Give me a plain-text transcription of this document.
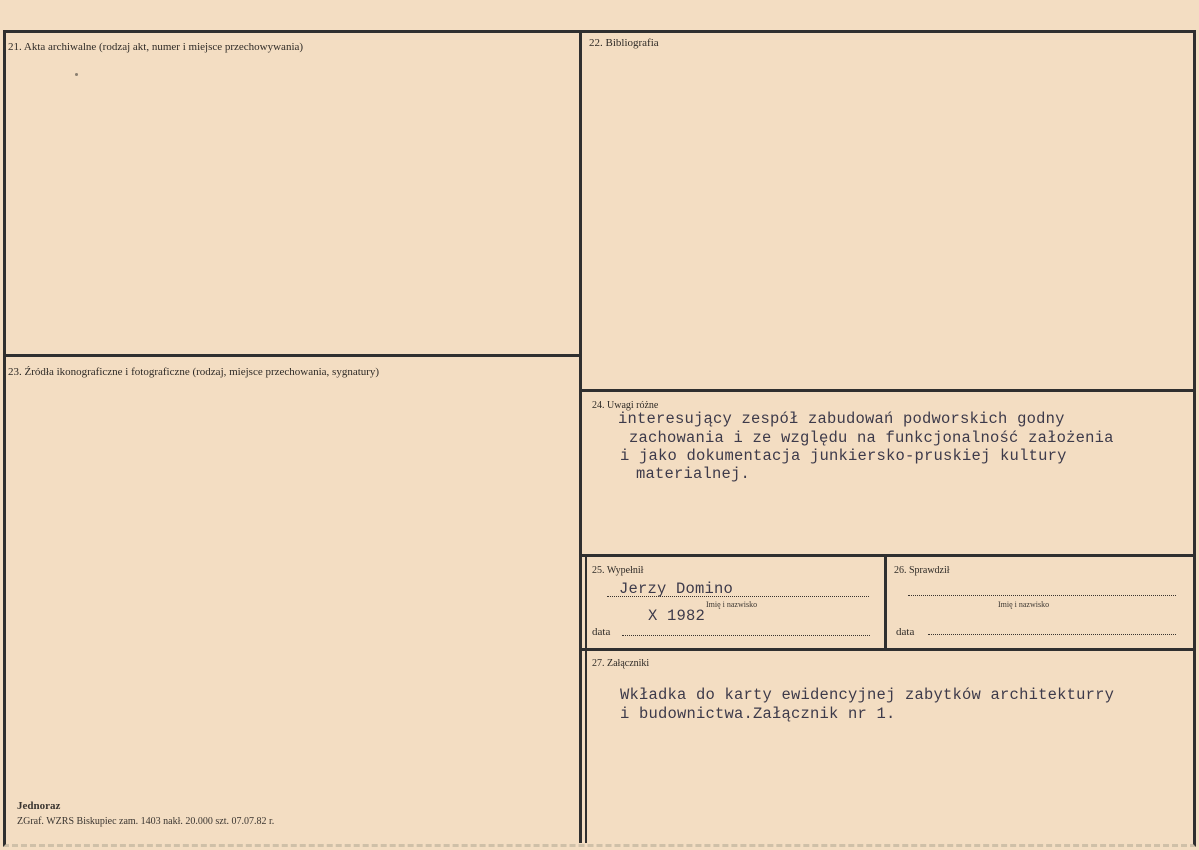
21. Akta archiwalne (rodzaj akt, numer i miejsce przechowywania)	22. Bibliografia
23. Źródła ikonograficzne i fotograficzne (rodzaj, miejsce przechowania, sygnatury)
24. Uwagi różne
interesujący zespół zabudowań podworskich godny
zachowania i ze względu na funkcjonalność założenia
i jako dokumentacja junkiersko-pruskiej kultury
materialnej.
25. Wypełnił
Jerzy Domino
Imię i nazwisko
X 1982
data
26. Sprawdził
Imię i nazwisko
data
27. Załączniki
Wkładka do karty ewidencyjnej zabytków architekturry
i budownictwa.Załącznik nr 1.
Jednoraz
ZGraf. WZRS Biskupiec zam. 1403 nakł. 20.000 szt. 07.07.82 r.
